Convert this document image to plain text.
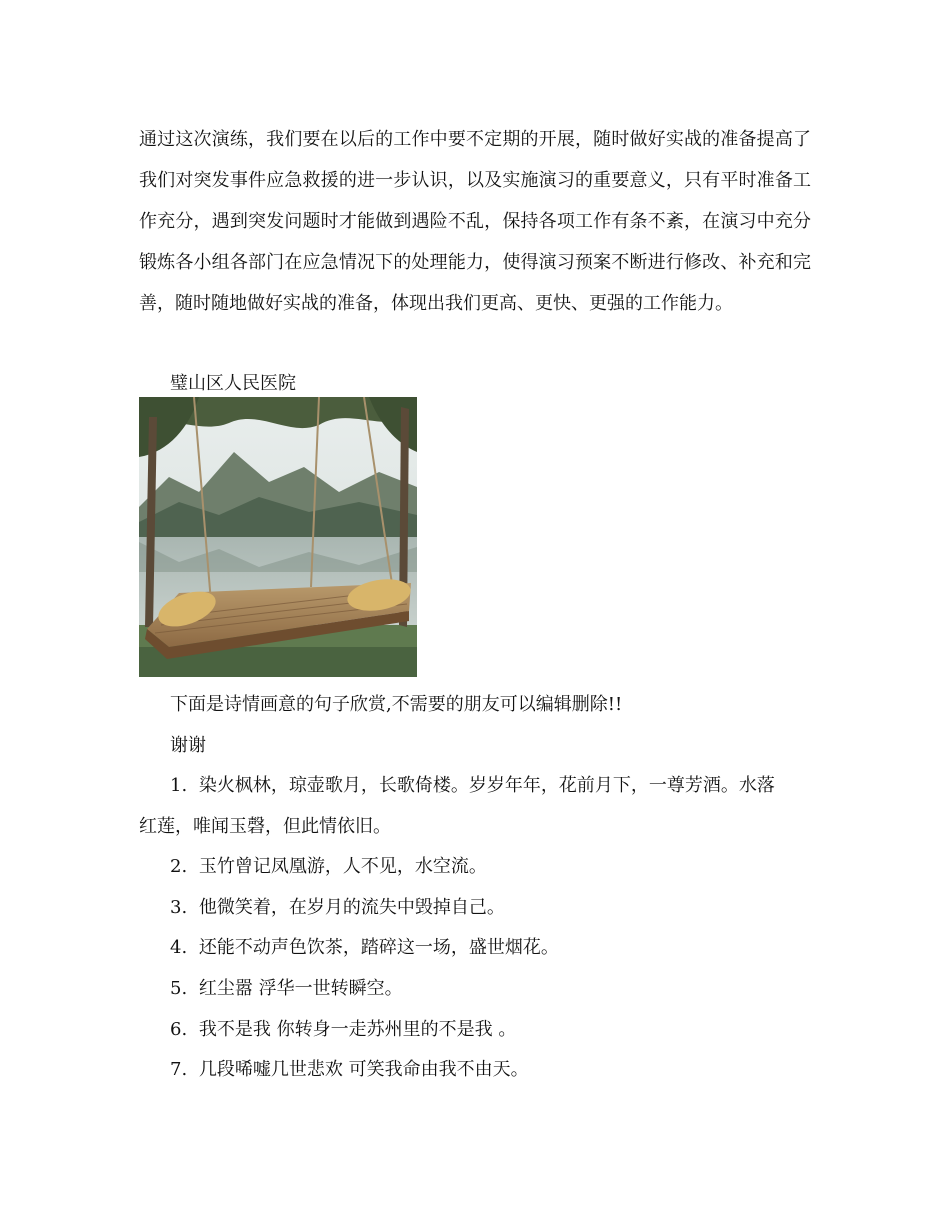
通过这次演练，我们要在以后的工作中要不定期的开展，随时做好实战的准备提高了我们对突发事件应急救援的进一步认识，以及实施演习的重要意义，只有平时准备工作充分，遇到突发问题时才能做到遇险不乱，保持各项工作有条不紊，在演习中充分锻炼各小组各部门在应急情况下的处理能力，使得演习预案不断进行修改、补充和完善，随时随地做好实战的准备，体现出我们更高、更快、更强的工作能力。

璧山区人民医院

下面是诗情画意的句子欣赏,不需要的朋友可以编辑删除!!

谢谢

1. 染火枫林，琼壶歌月，长歌倚楼。岁岁年年，花前月下，一尊芳酒。水落

红莲，唯闻玉磬，但此情依旧。

2. 玉竹曾记凤凰游，人不见，水空流。

3. 他微笑着，在岁月的流失中毁掉自己。

4. 还能不动声色饮茶，踏碎这一场，盛世烟花。

5. 红尘嚣 浮华一世转瞬空。

6. 我不是我 你转身一走苏州里的不是我 。

7. 几段唏嘘几世悲欢 可笑我命由我不由天。
